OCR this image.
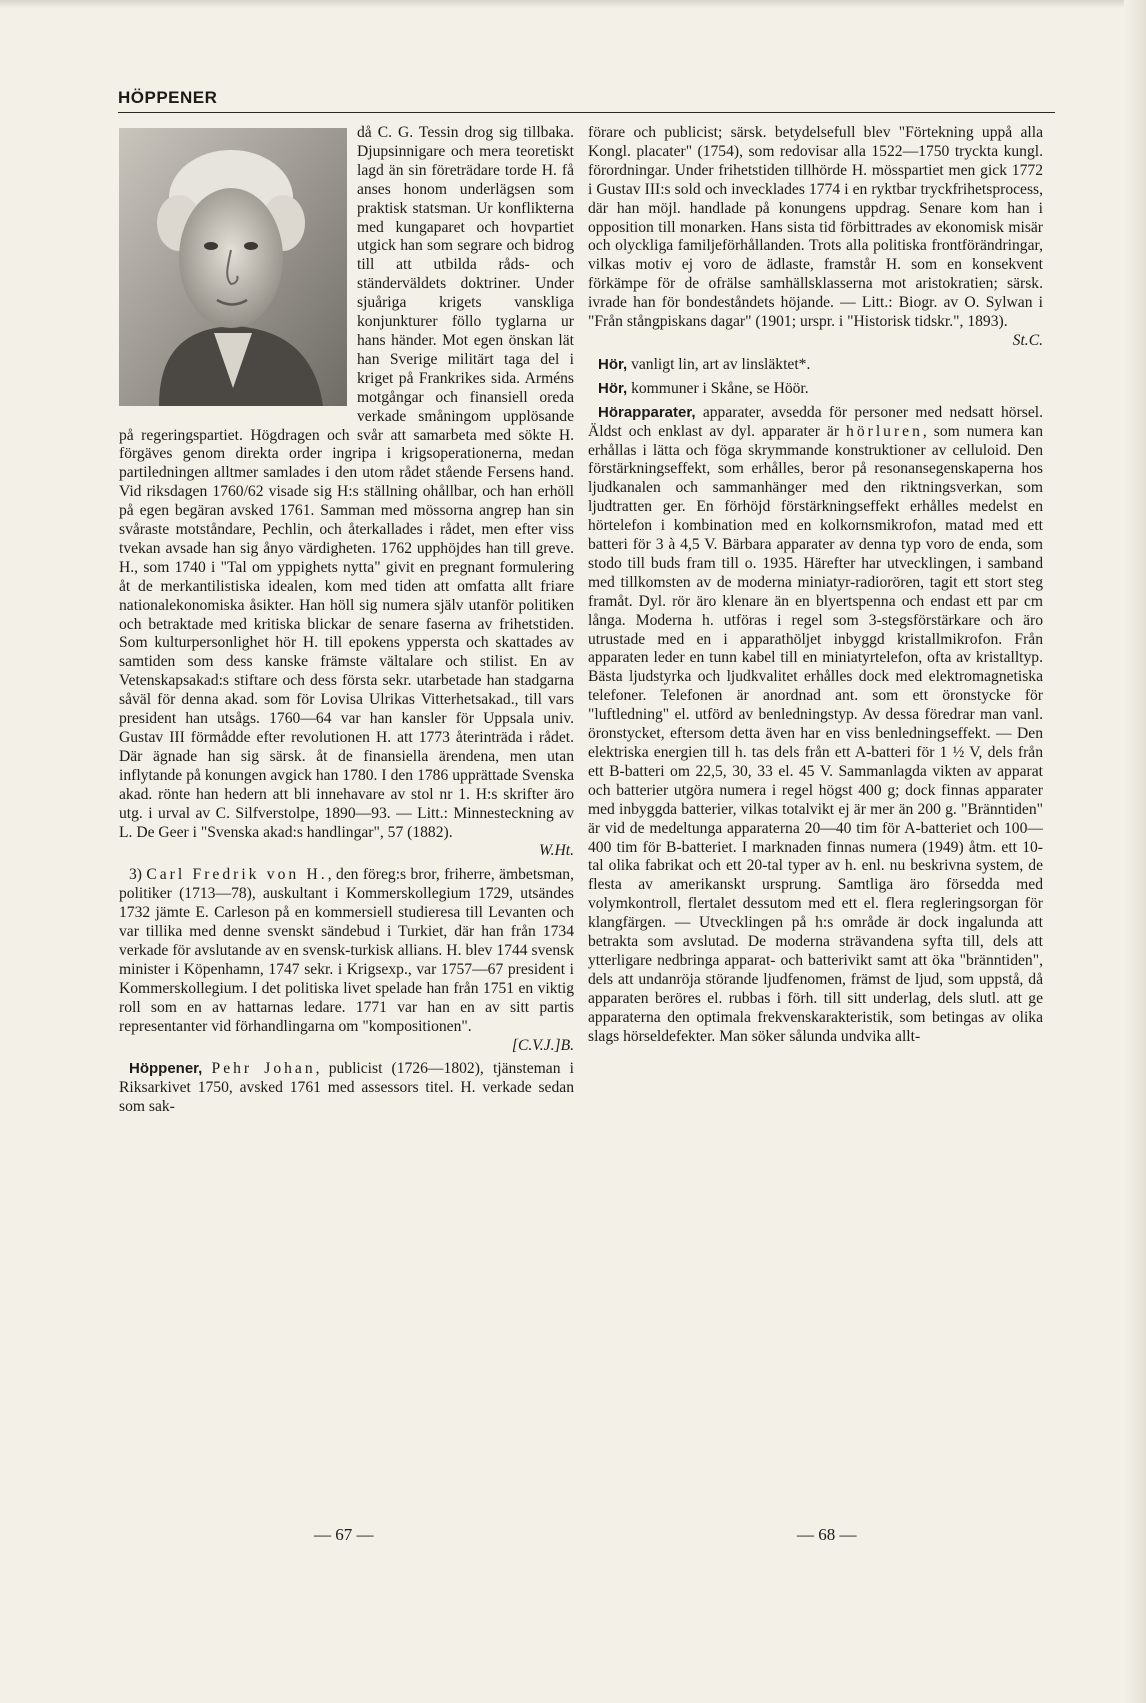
HÖPPENER

då C. G. Tessin drog sig tillbaka. Djupsinnigare och mera teoretiskt lagd än sin företrädare torde H. få anses honom underlägsen som praktisk statsman. Ur konflikterna med kungaparet och hovpartiet utgick han som segrare och bidrog till att utbilda råds- och ständerväldets doktriner. Under sjuåriga krigets vanskliga konjunkturer föllo tyglarna ur hans händer. Mot egen önskan lät han Sverige militärt taga del i kriget på Frankrikes sida. Arméns motgångar och finansiell oreda verkade småningom upplösande på regeringspartiet. Högdragen och svår att samarbeta med sökte H. förgäves genom direkta order ingripa i krigsoperationerna, medan partiledningen alltmer samlades i den utom rådet stående Fersens hand. Vid riksdagen 1760/62 visade sig H:s ställning ohållbar, och han erhöll på egen begäran avsked 1761. Samman med mössorna angrep han sin svåraste motståndare, Pechlin, och återkallades i rådet, men efter viss tvekan avsade han sig ånyo värdigheten. 1762 upphöjdes han till greve. H., som 1740 i "Tal om yppighets nytta" givit en pregnant formulering åt de merkantilistiska idealen, kom med tiden att omfatta allt friare nationalekonomiska åsikter. Han höll sig numera själv utanför politiken och betraktade med kritiska blickar de senare faserna av frihetstiden. Som kulturpersonlighet hör H. till epokens yppersta och skattades av samtiden som dess kanske främste vältalare och stilist. En av Vetenskapsakad:s stiftare och dess första sekr. utarbetade han stadgarna såväl för denna akad. som för Lovisa Ulrikas Vitterhetsakad., till vars president han utsågs. 1760—64 var han kansler för Uppsala univ. Gustav III förmådde efter revolutionen H. att 1773 återinträda i rådet. Där ägnade han sig särsk. åt de finansiella ärendena, men utan inflytande på konungen avgick han 1780. I den 1786 upprättade Svenska akad. rönte han hedern att bli innehavare av stol nr 1. H:s skrifter äro utg. i urval av C. Silfverstolpe, 1890—93. — Litt.: Minnesteckning av L. De Geer i "Svenska akad:s handlingar", 57 (1882).
W.Ht.

3) Carl Fredrik von H., den föreg:s bror, friherre, ämbetsman, politiker (1713—78), auskultant i Kommerskollegium 1729, utsändes 1732 jämte E. Carleson på en kommersiell studieresa till Levanten och var tillika med denne svenskt sändebud i Turkiet, där han från 1734 verkade för avslutande av en svensk-turkisk allians. H. blev 1744 svensk minister i Köpenhamn, 1747 sekr. i Krigsexp., var 1757—67 president i Kommerskollegium. I det politiska livet spelade han från 1751 en viktig roll som en av hattarnas ledare. 1771 var han en av sitt partis representanter vid förhandlingarna om "kompositionen".
[C.V.J.]B.

Höppener, Pehr Johan, publicist (1726—1802), tjänsteman i Riksarkivet 1750, avsked 1761 med assessors titel. H. verkade sedan som sak-

förare och publicist; särsk. betydelsefull blev "Förtekning uppå alla Kongl. placater" (1754), som redovisar alla 1522—1750 tryckta kungl. förordningar. Under frihetstiden tillhörde H. mösspartiet men gick 1772 i Gustav III:s sold och invecklades 1774 i en ryktbar tryckfrihetsprocess, där han möjl. handlade på konungens uppdrag. Senare kom han i opposition till monarken. Hans sista tid förbittrades av ekonomisk misär och olyckliga familjeförhållanden. Trots alla politiska frontförändringar, vilkas motiv ej voro de ädlaste, framstår H. som en konsekvent förkämpe för de ofrälse samhällsklasserna mot aristokratien; särsk. ivrade han för bondeståndets höjande. — Litt.: Biogr. av O. Sylwan i "Från stångpiskans dagar" (1901; urspr. i "Historisk tidskr.", 1893).
St.C.

Hör, vanligt lin, art av linsläktet*.

Hör, kommuner i Skåne, se Höör.

Hörapparater, apparater, avsedda för personer med nedsatt hörsel. Äldst och enklast av dyl. apparater är hörluren, som numera kan erhållas i lätta och föga skrymmande konstruktioner av celluloid. Den förstärkningseffekt, som erhålles, beror på resonansegenskaperna hos ljudkanalen och sammanhänger med den riktningsverkan, som ljudtratten ger. En förhöjd förstärkningseffekt erhålles medelst en hörtelefon i kombination med en kolkornsmikrofon, matad med ett batteri för 3 à 4,5 V. Bärbara apparater av denna typ voro de enda, som stodo till buds fram till o. 1935. Härefter har utvecklingen, i samband med tillkomsten av de moderna miniatyr-radiorören, tagit ett stort steg framåt. Dyl. rör äro klenare än en blyertspenna och endast ett par cm långa. Moderna h. utföras i regel som 3-stegsförstärkare och äro utrustade med en i apparathöljet inbyggd kristallmikrofon. Från apparaten leder en tunn kabel till en miniatyrtelefon, ofta av kristalltyp. Bästa ljudstyrka och ljudkvalitet erhålles dock med elektromagnetiska telefoner. Telefonen är anordnad ant. som ett öronstycke för "luftledning" el. utförd av benledningstyp. Av dessa föredrar man vanl. öronstycket, eftersom detta även har en viss benledningseffekt. — Den elektriska energien till h. tas dels från ett A-batteri för 1 ½ V, dels från ett B-batteri om 22,5, 30, 33 el. 45 V. Sammanlagda vikten av apparat och batterier utgöra numera i regel högst 400 g; dock finnas apparater med inbyggda batterier, vilkas totalvikt ej är mer än 200 g. "Bränntiden" är vid de medeltunga apparaterna 20—40 tim för A-batteriet och 100—400 tim för B-batteriet. I marknaden finnas numera (1949) åtm. ett 10-tal olika fabrikat och ett 20-tal typer av h. enl. nu beskrivna system, de flesta av amerikanskt ursprung. Samtliga äro försedda med volymkontroll, flertalet dessutom med ett el. flera regleringsorgan för klangfärgen. — Utvecklingen på h:s område är dock ingalunda att betrakta som avslutad. De moderna strävandena syfta till, dels att ytterligare nedbringa apparat- och batterivikt samt att öka "bränntiden", dels att undanröja störande ljudfenomen, främst de ljud, som uppstå, då apparaten beröres el. rubbas i förh. till sitt underlag, dels slutl. att ge apparaterna den optimala frekvenskarakteristik, som betingas av olika slags hörseldefekter. Man söker sålunda undvika allt-

— 67 —	— 68 —
